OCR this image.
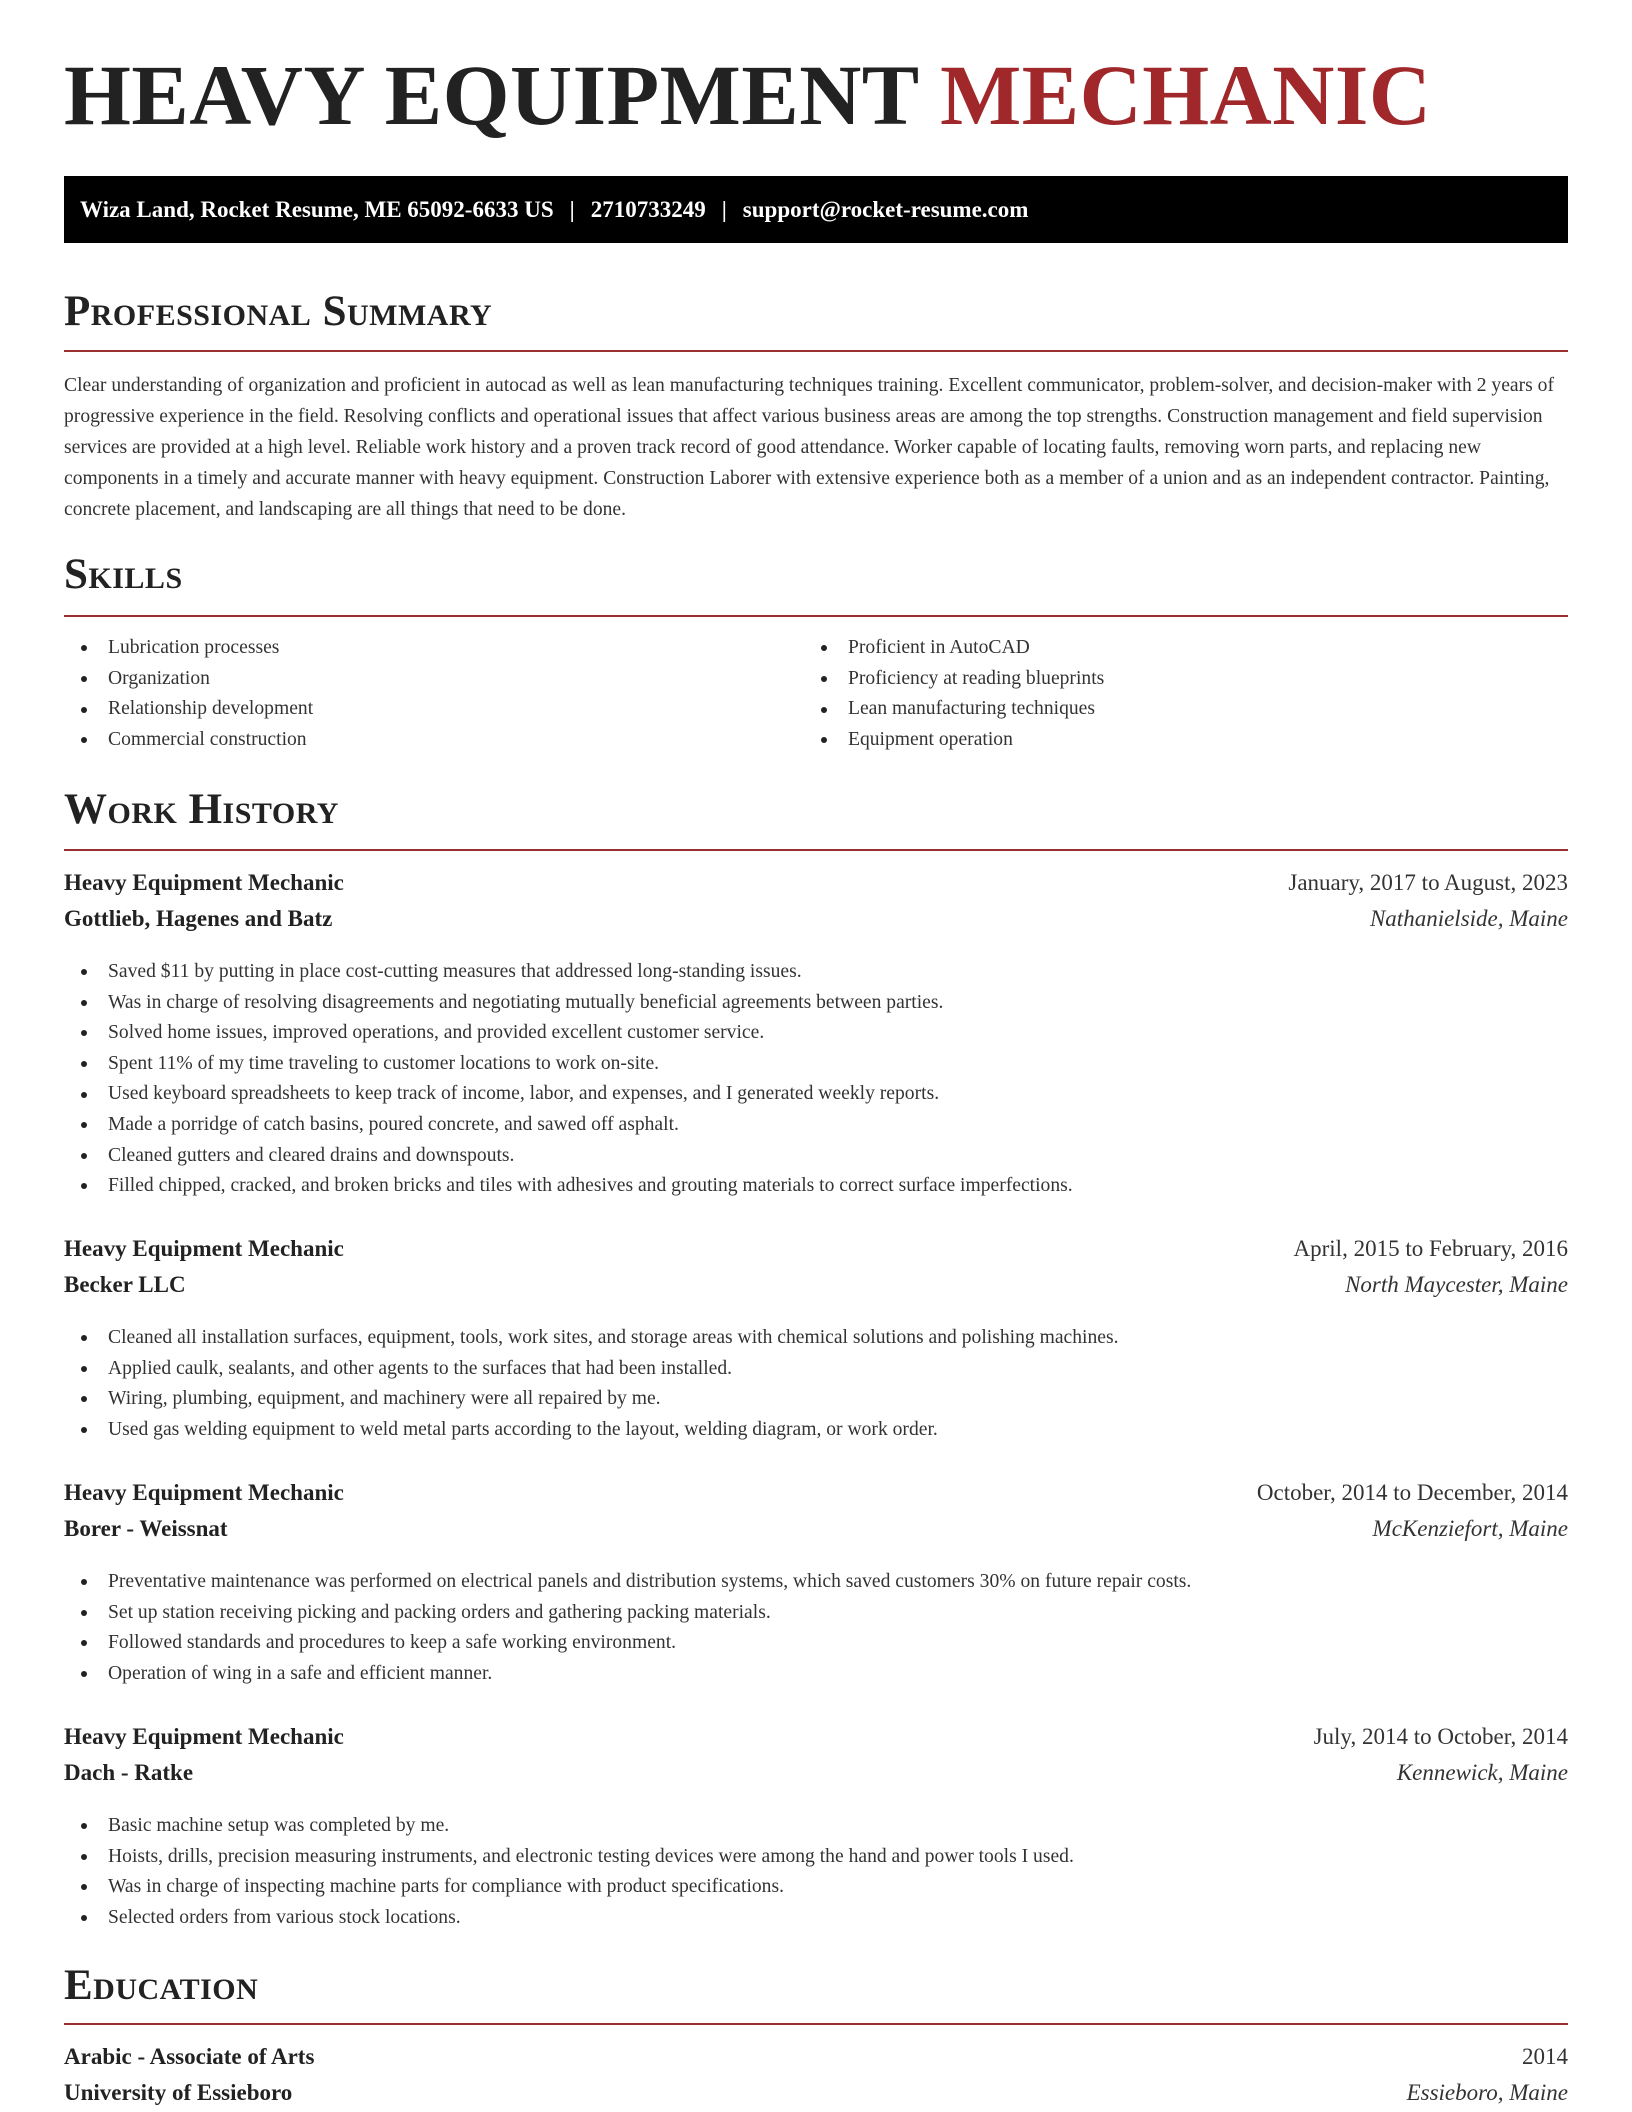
HEAVY EQUIPMENT MECHANIC
Wiza Land, Rocket Resume, ME 65092-6633 US | 2710733249 | support@rocket-resume.com
Professional Summary

Clear understanding of organization and proficient in autocad as well as lean manufacturing techniques training. Excellent communicator, problem-solver, and decision-maker with 2 years of progressive experience in the field. Resolving conflicts and operational issues that affect various business areas are among the top strengths. Construction management and field supervision services are provided at a high level. Reliable work history and a proven track record of good attendance. Worker capable of locating faults, removing worn parts, and replacing new components in a timely and accurate manner with heavy equipment. Construction Laborer with extensive experience both as a member of a union and as an independent contractor. Painting, concrete placement, and landscaping are all things that need to be done.

Skills
Lubrication processes
Organization
Relationship development
Commercial construction
Proficient in AutoCAD
Proficiency at reading blueprints
Lean manufacturing techniques
Equipment operation
Work History
Heavy Equipment Mechanic	January, 2017 to August, 2023
Gottlieb, Hagenes and Batz	Nathanielside, Maine
Saved $11 by putting in place cost-cutting measures that addressed long-standing issues.
Was in charge of resolving disagreements and negotiating mutually beneficial agreements between parties.
Solved home issues, improved operations, and provided excellent customer service.
Spent 11% of my time traveling to customer locations to work on-site.
Used keyboard spreadsheets to keep track of income, labor, and expenses, and I generated weekly reports.
Made a porridge of catch basins, poured concrete, and sawed off asphalt.
Cleaned gutters and cleared drains and downspouts.
Filled chipped, cracked, and broken bricks and tiles with adhesives and grouting materials to correct surface imperfections.
Heavy Equipment Mechanic	April, 2015 to February, 2016
Becker LLC	North Maycester, Maine
Cleaned all installation surfaces, equipment, tools, work sites, and storage areas with chemical solutions and polishing machines.
Applied caulk, sealants, and other agents to the surfaces that had been installed.
Wiring, plumbing, equipment, and machinery were all repaired by me.
Used gas welding equipment to weld metal parts according to the layout, welding diagram, or work order.
Heavy Equipment Mechanic	October, 2014 to December, 2014
Borer - Weissnat	McKenziefort, Maine
Preventative maintenance was performed on electrical panels and distribution systems, which saved customers 30% on future repair costs.
Set up station receiving picking and packing orders and gathering packing materials.
Followed standards and procedures to keep a safe working environment.
Operation of wing in a safe and efficient manner.
Heavy Equipment Mechanic	July, 2014 to October, 2014
Dach - Ratke	Kennewick, Maine
Basic machine setup was completed by me.
Hoists, drills, precision measuring instruments, and electronic testing devices were among the hand and power tools I used.
Was in charge of inspecting machine parts for compliance with product specifications.
Selected orders from various stock locations.
Education
Arabic - Associate of Arts	2014
University of Essieboro	Essieboro, Maine
